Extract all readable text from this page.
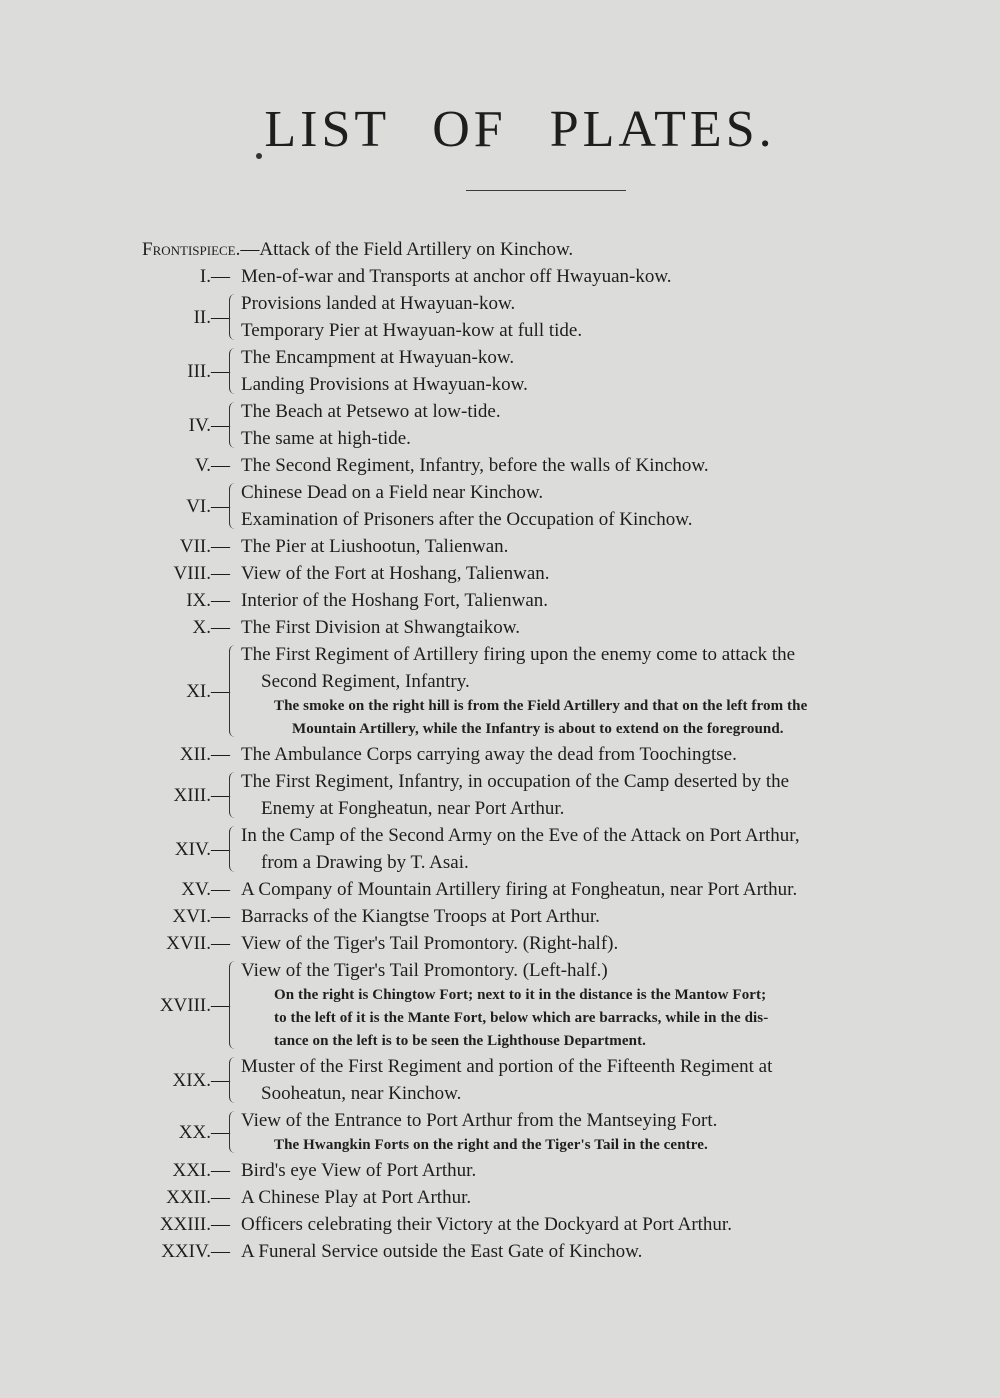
LIST OF PLATES.
Frontispiece.—Attack of the Field Artillery on Kinchow.
I.— Men-of-war and Transports at anchor off Hwayuan-kow.
II.—
Provisions landed at Hwayuan-kow.
Temporary Pier at Hwayuan-kow at full tide.
III.—
The Encampment at Hwayuan-kow.
Landing Provisions at Hwayuan-kow.
IV.—
The Beach at Petsewo at low-tide.
The same at high-tide.
V.— The Second Regiment, Infantry, before the walls of Kinchow.
VI.—
Chinese Dead on a Field near Kinchow.
Examination of Prisoners after the Occupation of Kinchow.
VII.— The Pier at Liushootun, Talienwan.
VIII.— View of the Fort at Hoshang, Talienwan.
IX.— Interior of the Hoshang Fort, Talienwan.
X.— The First Division at Shwangtaikow.
XI.—
The First Regiment of Artillery firing upon the enemy come to attack the
Second Regiment, Infantry.
The smoke on the right hill is from the Field Artillery and that on the left from the
Mountain Artillery, while the Infantry is about to extend on the foreground.
XII.— The Ambulance Corps carrying away the dead from Toochingtse.
XIII.—
The First Regiment, Infantry, in occupation of the Camp deserted by the
Enemy at Fongheatun, near Port Arthur.
XIV.—
In the Camp of the Second Army on the Eve of the Attack on Port Arthur,
from a Drawing by T. Asai.
XV.— A Company of Mountain Artillery firing at Fongheatun, near Port Arthur.
XVI.— Barracks of the Kiangtse Troops at Port Arthur.
XVII.— View of the Tiger's Tail Promontory. (Right-half).
XVIII.—
View of the Tiger's Tail Promontory. (Left-half.)
On the right is Chingtow Fort; next to it in the distance is the Mantow Fort;
to the left of it is the Mante Fort, below which are barracks, while in the dis-
tance on the left is to be seen the Lighthouse Department.
XIX.—
Muster of the First Regiment and portion of the Fifteenth Regiment at
Sooheatun, near Kinchow.
XX.—
View of the Entrance to Port Arthur from the Mantseying Fort.
The Hwangkin Forts on the right and the Tiger's Tail in the centre.
XXI.— Bird's eye View of Port Arthur.
XXII.— A Chinese Play at Port Arthur.
XXIII.— Officers celebrating their Victory at the Dockyard at Port Arthur.
XXIV.— A Funeral Service outside the East Gate of Kinchow.
